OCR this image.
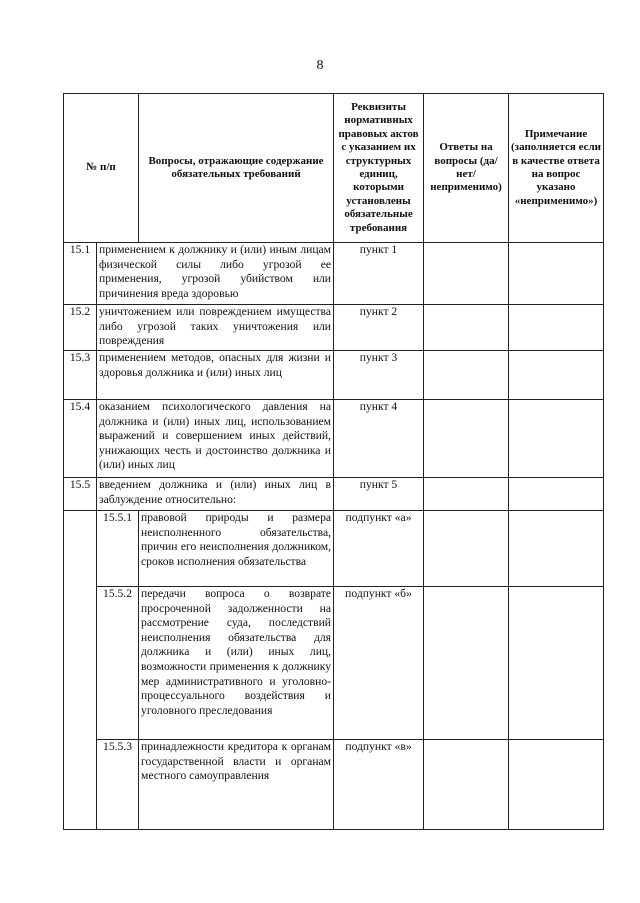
8
№ п/п		Вопросы, отражающие содержание обязательных требований	Реквизиты нормативных правовых актов с указанием их структурных единиц, которыми установлены обязательные требования	Ответы на вопросы (да/нет/ неприменимо)	Примечание (заполняется если в качестве ответа на вопрос указано «неприменимо»)
15.1	применением к должнику и (или) иным лицам физической силы либо угрозой ее применения, угрозой убийством или причинения вреда здоровью		пункт 1		
15.2	уничтожением или повреждением имущества либо угрозой таких уничтожения или повреждения		пункт 2		
15.3	применением методов, опасных для жизни и здоровья должника и (или) иных лиц		пункт 3		
15.4	оказанием психологического давления на должника и (или) иных лиц, использованием выражений и совершением иных действий, унижающих честь и достоинство должника и (или) иных лиц		пункт 4		
15.5	введением должника и (или) иных лиц в заблуждение относительно:		пункт 5		
	15.5.1	правовой природы и размера неисполненного обязательства, причин его неисполнения должником, сроков исполнения обязательства	подпункт «а»		
	15.5.2	передачи вопроса о возврате просроченной задолженности на рассмотрение суда, последствий неисполнения обязательства для должника и (или) иных лиц, возможности применения к должнику мер административного и уголовно-процессуального воздействия и уголовного преследования	подпункт «б»		
	15.5.3	принадлежности кредитора к органам государственной власти и органам местного самоуправления	подпункт «в»		
